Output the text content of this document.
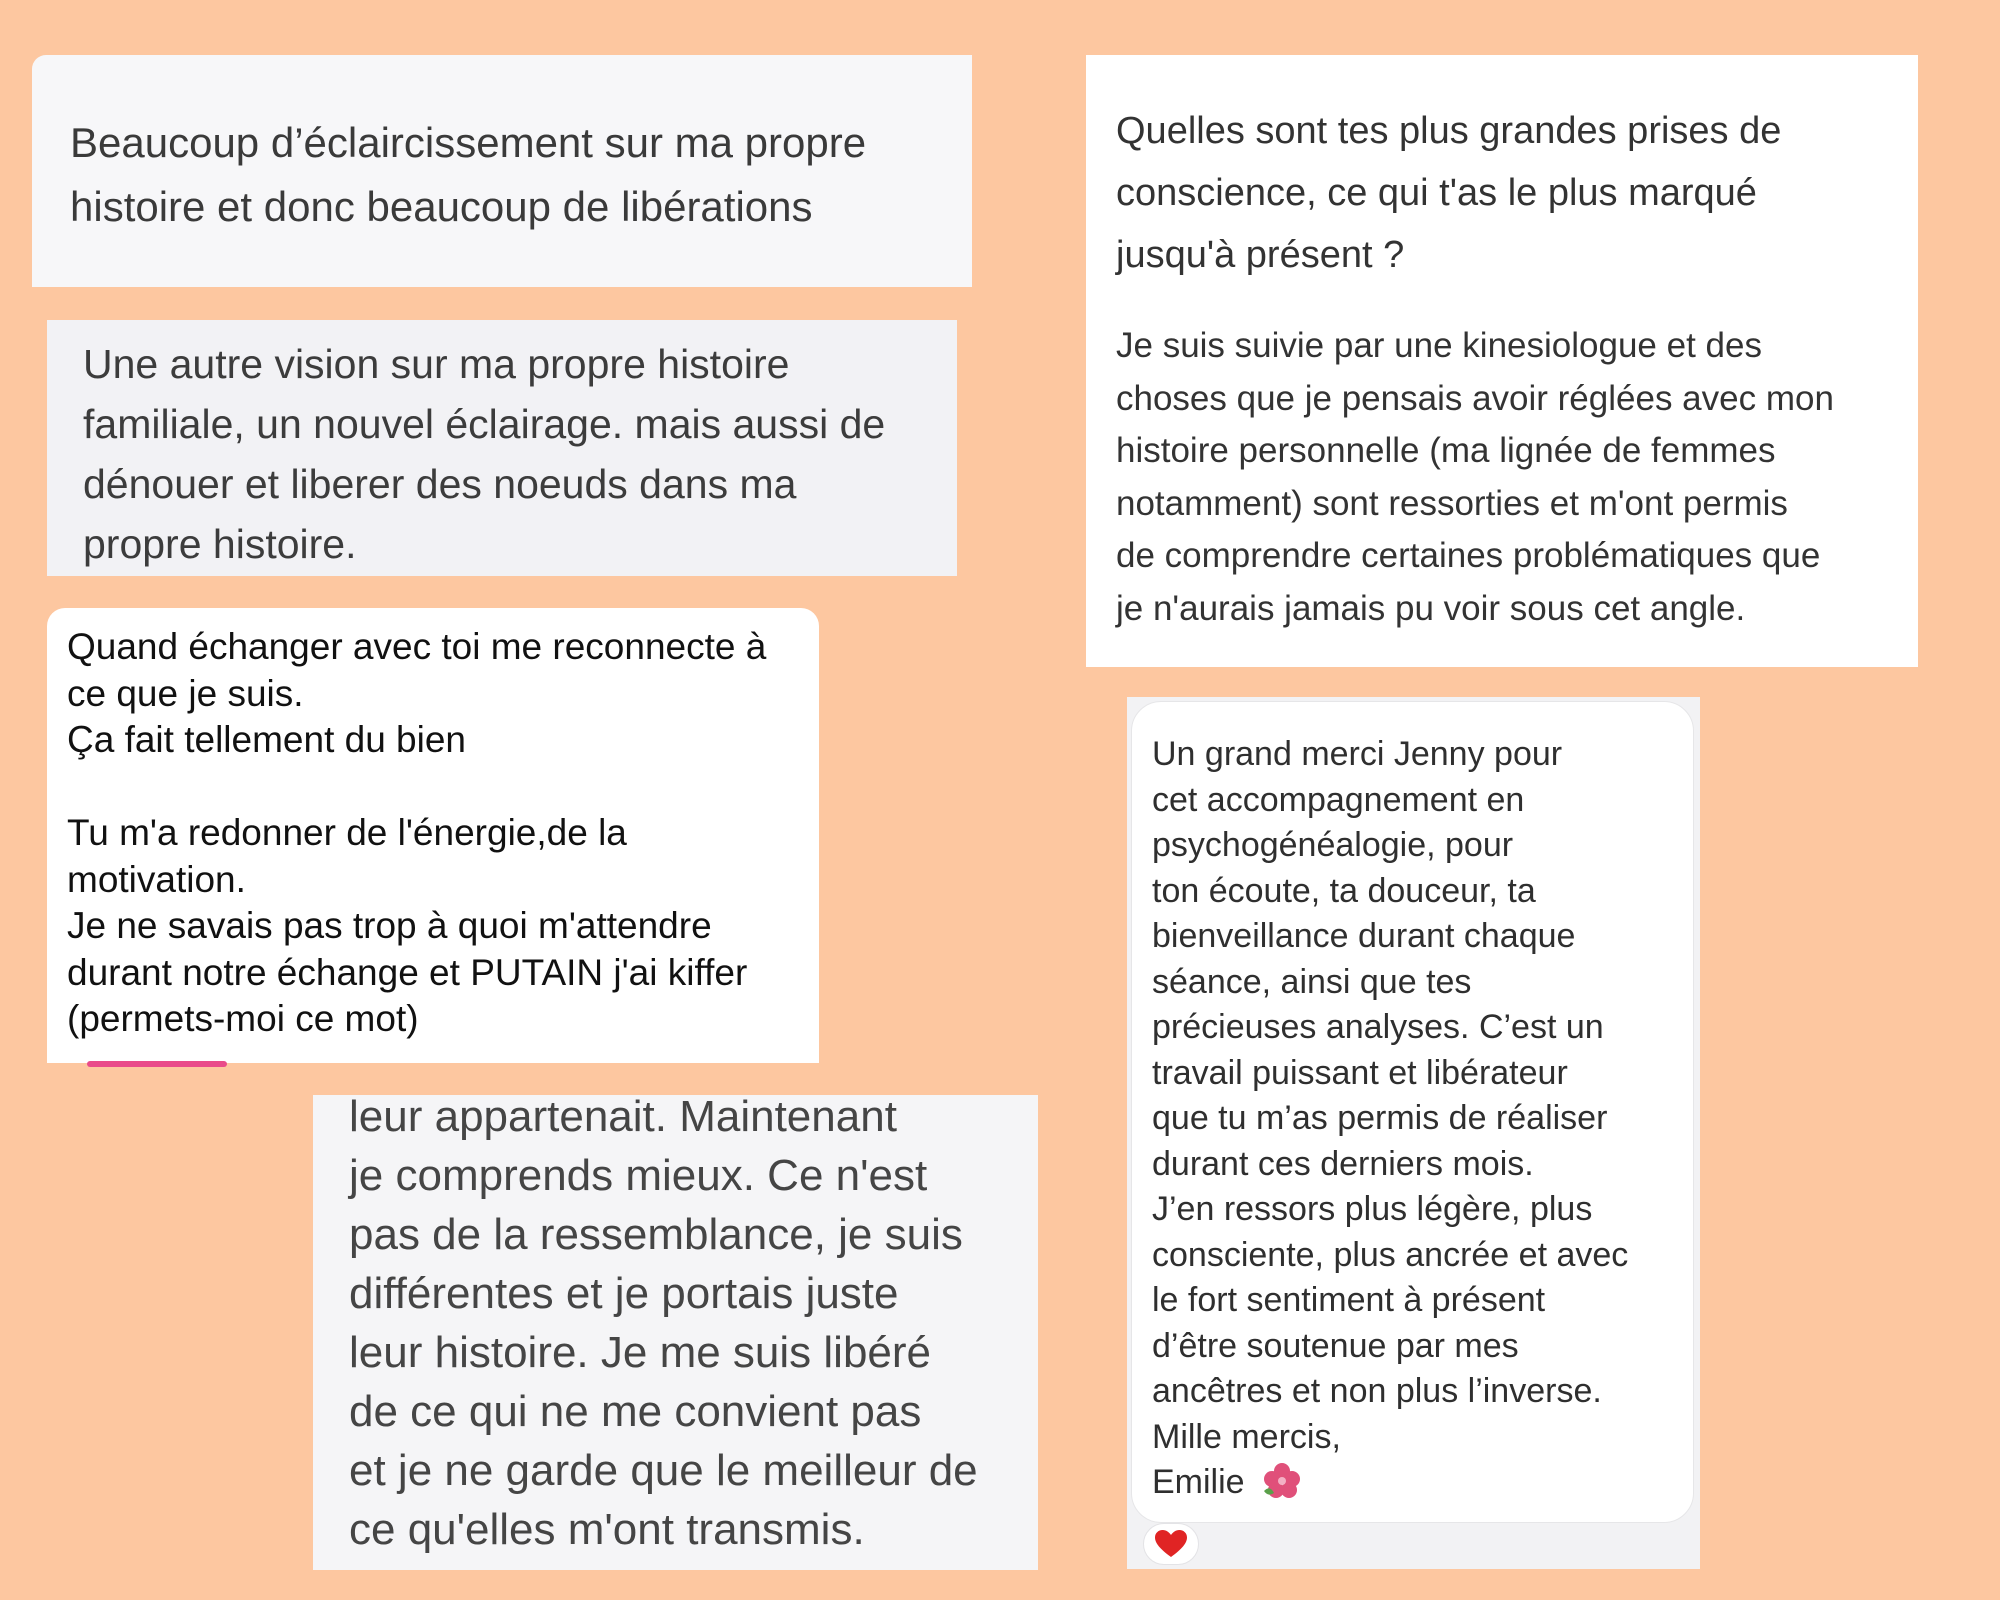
Beaucoup d’éclaircissement sur ma propre
histoire et donc beaucoup de libérations
Une autre vision sur ma propre histoire
familiale, un nouvel éclairage. mais aussi de
dénouer et liberer des noeuds dans ma
propre histoire.
Quand échanger avec toi me reconnecte à
ce que je suis.
Ça fait tellement du bien
Tu m'a redonner de l'énergie,de la
motivation.
Je ne savais pas trop à quoi m'attendre
durant notre échange et PUTAIN j'ai kiffer
(permets-moi ce mot)
leur appartenait. Maintenant
je comprends mieux. Ce n'est
pas de la ressemblance, je suis
différentes et je portais juste
leur histoire. Je me suis libéré
de ce qui ne me convient pas
et je ne garde que le meilleur de
ce qu'elles m'ont transmis.
Quelles sont tes plus grandes prises de
conscience, ce qui t'as le plus marqué
jusqu'à présent ?
Je suis suivie par une kinesiologue et des
choses que je pensais avoir réglées avec mon
histoire personnelle (ma lignée de femmes
notamment) sont ressorties et m'ont permis
de comprendre certaines problématiques que
je n'aurais jamais pu voir sous cet angle.
Un grand merci Jenny pour
cet accompagnement en
psychogénéalogie, pour
ton écoute, ta douceur, ta
bienveillance durant chaque
séance, ainsi que tes
précieuses analyses. C’est un
travail puissant et libérateur
que tu m’as permis de réaliser
durant ces derniers mois.
J’en ressors plus légère, plus
consciente, plus ancrée et avec
le fort sentiment à présent
d’être soutenue par mes
ancêtres et non plus l’inverse.
Mille mercis,
Emilie
